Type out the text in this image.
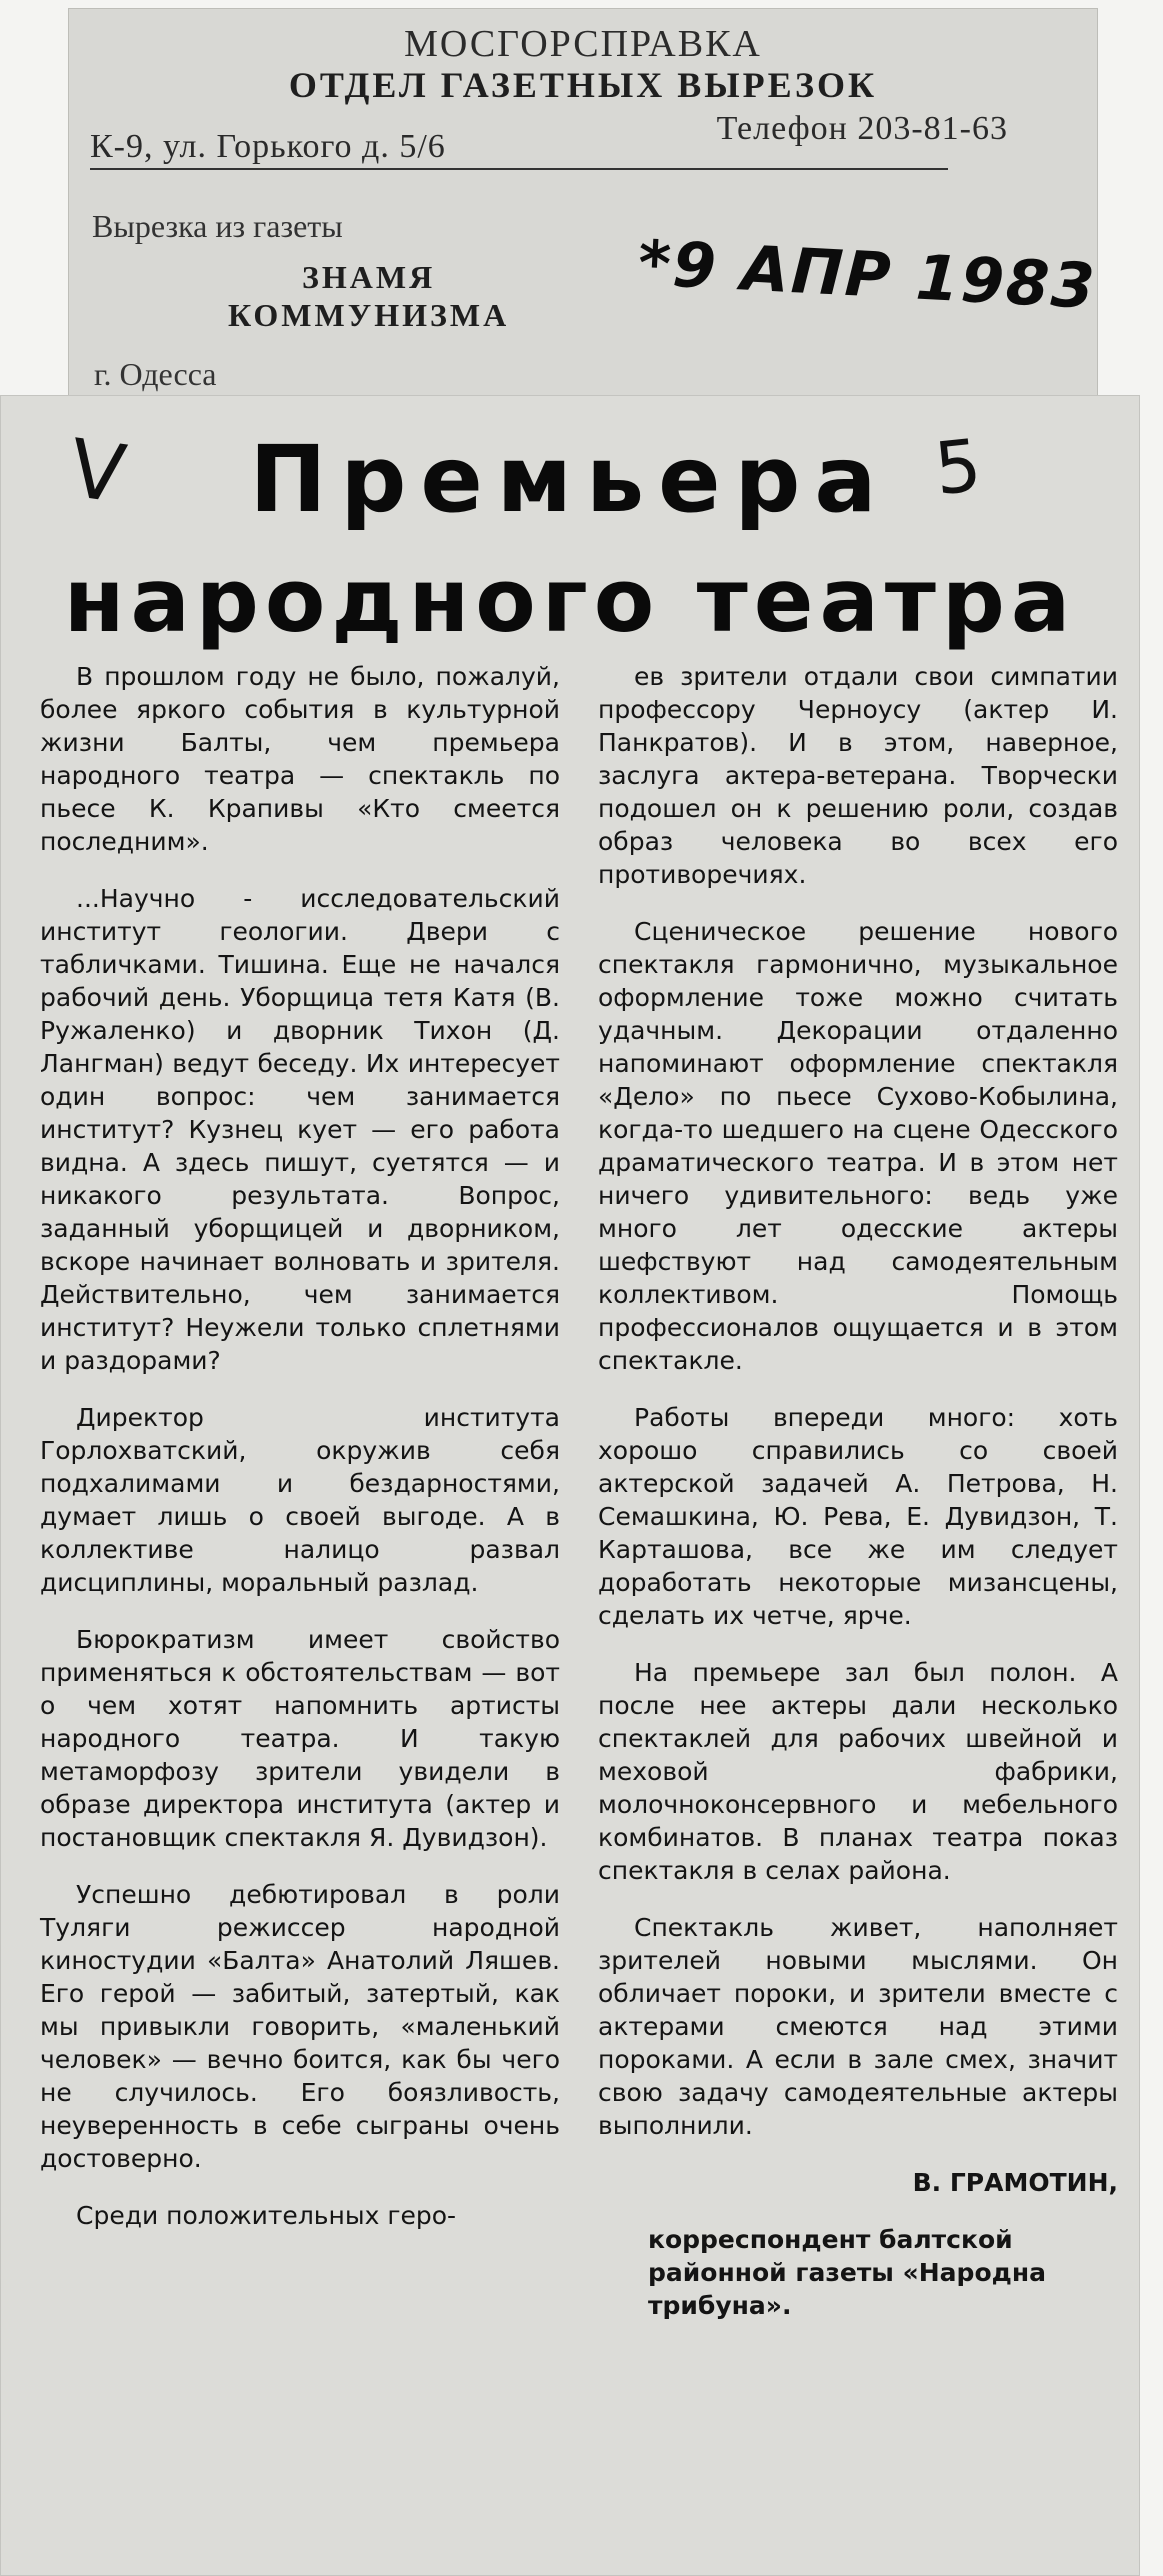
МОСГОРСПРАВКА
ОТДЕЛ ГАЗЕТНЫХ ВЫРЕЗОК
Телефон 203-81-63
К-9, ул. Горького д. 5/6
Вырезка из газеты
ЗНАМЯ
КОММУНИЗМА
г. Одесса
*9 АПР 1983
V	5
Премьера
народного театра

В прошлом году не было, пожалуй, более яркого события в культурной жизни Балты, чем премьера народного театра — спектакль по пьесе К. Крапивы «Кто смеется последним».

...Научно - исследовательский институт геологии. Двери с табличками. Тишина. Еще не начался рабочий день. Уборщица тетя Катя (В. Ружаленко) и дворник Тихон (Д. Лангман) ведут беседу. Их интересует один вопрос: чем занимается институт? Кузнец кует — его работа видна. А здесь пишут, суетятся — и никакого результата. Вопрос, заданный уборщицей и дворником, вскоре начинает волновать и зрителя. Действительно, чем занимается институт? Неужели только сплетнями и раздорами?

Директор института Горлохватский, окружив себя подхалимами и бездарностями, думает лишь о своей выгоде. А в коллективе налицо развал дисциплины, моральный разлад.

Бюрократизм имеет свойство применяться к обстоятельствам — вот о чем хотят напомнить артисты народного театра. И такую метаморфозу зрители увидели в образе директора института (актер и постановщик спектакля Я. Дувидзон).

Успешно дебютировал в роли Туляги режиссер народной киностудии «Балта» Анатолий Ляшев. Его герой — забитый, затертый, как мы привыкли говорить, «маленький человек» — вечно боится, как бы чего не случилось. Его боязливость, неуверенность в себе сыграны очень достоверно.

Среди положительных геро-

ев зрители отдали свои симпатии профессору Черноусу (актер И. Панкратов). И в этом, наверное, заслуга актера-ветерана. Творчески подошел он к решению роли, создав образ человека во всех его противоречиях.

Сценическое решение нового спектакля гармонично, музыкальное оформление тоже можно считать удачным. Декорации отдаленно напоминают оформление спектакля «Дело» по пьесе Сухово-Кобылина, когда-то шедшего на сцене Одесского драматического театра. И в этом нет ничего удивительного: ведь уже много лет одесские актеры шефствуют над самодеятельным коллективом. Помощь профессионалов ощущается и в этом спектакле.

Работы впереди много: хоть хорошо справились со своей актерской задачей А. Петрова, Н. Семашкина, Ю. Рева, Е. Дувидзон, Т. Карташова, все же им следует доработать некоторые мизансцены, сделать их четче, ярче.

На премьере зал был полон. А после нее актеры дали несколько спектаклей для рабочих швейной и меховой фабрики, молочноконсервного и мебельного комбинатов. В планах театра показ спектакля в селах района.

Спектакль живет, наполняет зрителей новыми мыслями. Он обличает пороки, и зрители вместе с актерами смеются над этими пороками. А если в зале смех, значит свою задачу самодеятельные актеры выполнили.

В. ГРАМОТИН,

корреспондент балтской районной газеты «Народна трибуна».
